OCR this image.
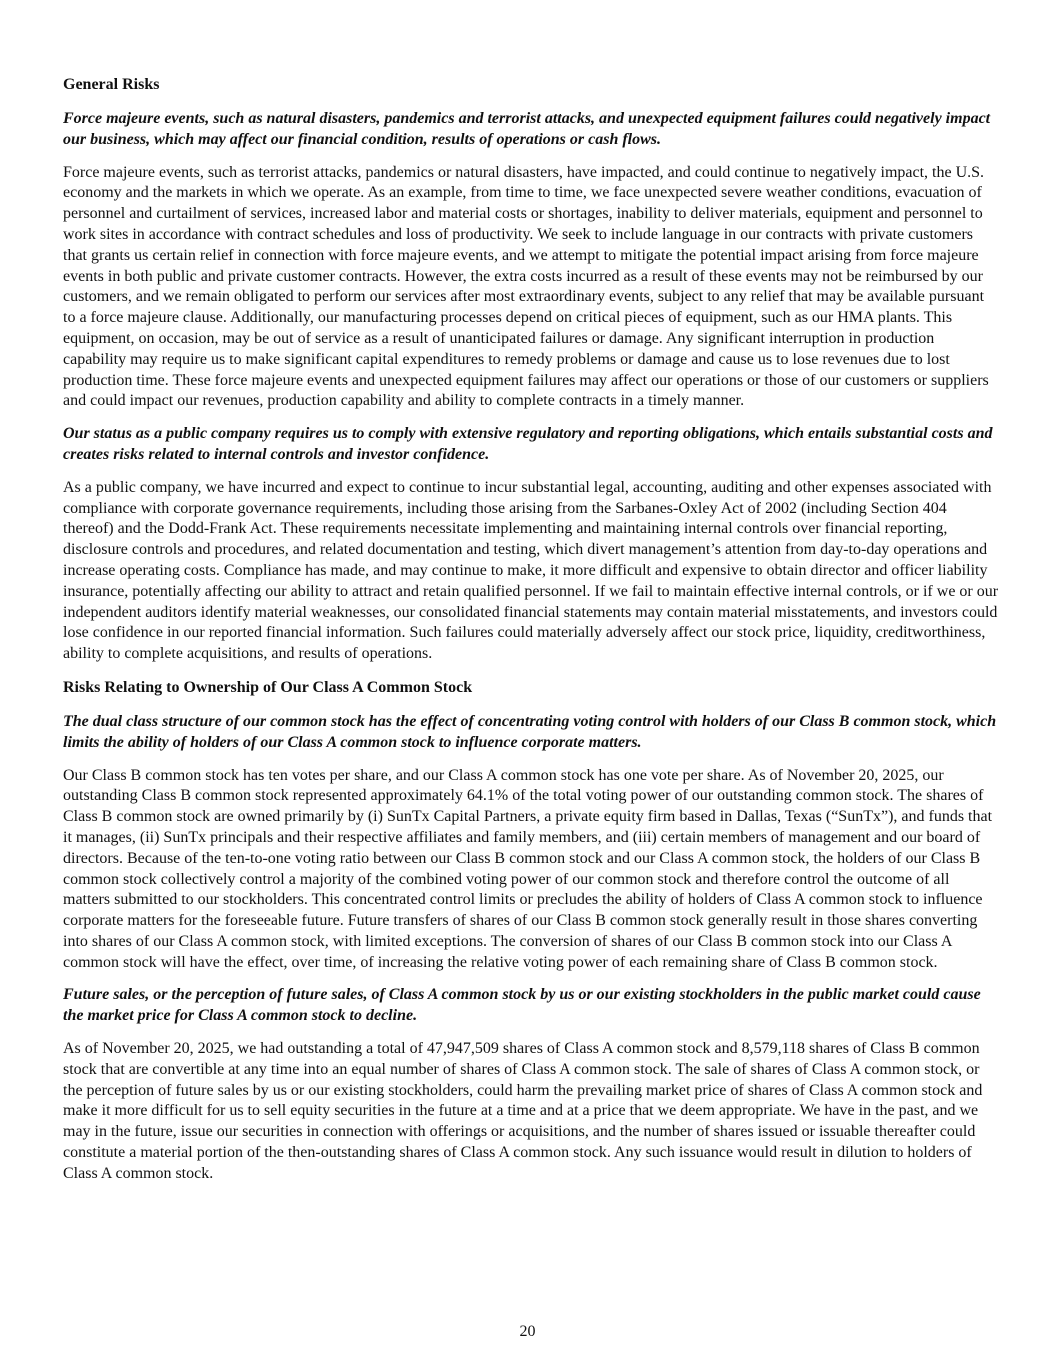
General Risks
Force majeure events, such as natural disasters, pandemics and terrorist attacks, and unexpected equipment failures could negatively impact our business, which may affect our financial condition, results of operations or cash flows.

Force majeure events, such as terrorist attacks, pandemics or natural disasters, have impacted, and could continue to negatively impact, the U.S. economy and the markets in which we operate. As an example, from time to time, we face unexpected severe weather conditions, evacuation of personnel and curtailment of services, increased labor and material costs or shortages, inability to deliver materials, equipment and personnel to work sites in accordance with contract schedules and loss of productivity. We seek to include language in our contracts with private customers that grants us certain relief in connection with force majeure events, and we attempt to mitigate the potential impact arising from force majeure events in both public and private customer contracts. However, the extra costs incurred as a result of these events may not be reimbursed by our customers, and we remain obligated to perform our services after most extraordinary events, subject to any relief that may be available pursuant to a force majeure clause. Additionally, our manufacturing processes depend on critical pieces of equipment, such as our HMA plants. This equipment, on occasion, may be out of service as a result of unanticipated failures or damage. Any significant interruption in production capability may require us to make significant capital expenditures to remedy problems or damage and cause us to lose revenues due to lost production time. These force majeure events and unexpected equipment failures may affect our operations or those of our customers or suppliers and could impact our revenues, production capability and ability to complete contracts in a timely manner.

Our status as a public company requires us to comply with extensive regulatory and reporting obligations, which entails substantial costs and creates risks related to internal controls and investor confidence.

As a public company, we have incurred and expect to continue to incur substantial legal, accounting, auditing and other expenses associated with compliance with corporate governance requirements, including those arising from the Sarbanes-Oxley Act of 2002 (including Section 404 thereof) and the Dodd-Frank Act. These requirements necessitate implementing and maintaining internal controls over financial reporting, disclosure controls and procedures, and related documentation and testing, which divert management’s attention from day-to-day operations and increase operating costs. Compliance has made, and may continue to make, it more difficult and expensive to obtain director and officer liability insurance, potentially affecting our ability to attract and retain qualified personnel. If we fail to maintain effective internal controls, or if we or our independent auditors identify material weaknesses, our consolidated financial statements may contain material misstatements, and investors could lose confidence in our reported financial information. Such failures could materially adversely affect our stock price, liquidity, creditworthiness, ability to complete acquisitions, and results of operations.

Risks Relating to Ownership of Our Class A Common Stock
The dual class structure of our common stock has the effect of concentrating voting control with holders of our Class B common stock, which limits the ability of holders of our Class A common stock to influence corporate matters.

Our Class B common stock has ten votes per share, and our Class A common stock has one vote per share. As of November 20, 2025, our outstanding Class B common stock represented approximately 64.1% of the total voting power of our outstanding common stock. The shares of Class B common stock are owned primarily by (i) SunTx Capital Partners, a private equity firm based in Dallas, Texas (“SunTx”), and funds that it manages, (ii) SunTx principals and their respective affiliates and family members, and (iii) certain members of management and our board of directors. Because of the ten-to-one voting ratio between our Class B common stock and our Class A common stock, the holders of our Class B common stock collectively control a majority of the combined voting power of our common stock and therefore control the outcome of all matters submitted to our stockholders. This concentrated control limits or precludes the ability of holders of Class A common stock to influence corporate matters for the foreseeable future. Future transfers of shares of our Class B common stock generally result in those shares converting into shares of our Class A common stock, with limited exceptions. The conversion of shares of our Class B common stock into our Class A common stock will have the effect, over time, of increasing the relative voting power of each remaining share of Class B common stock.

Future sales, or the perception of future sales, of Class A common stock by us or our existing stockholders in the public market could cause the market price for Class A common stock to decline.

As of November 20, 2025, we had outstanding a total of 47,947,509 shares of Class A common stock and 8,579,118 shares of Class B common stock that are convertible at any time into an equal number of shares of Class A common stock. The sale of shares of Class A common stock, or the perception of future sales by us or our existing stockholders, could harm the prevailing market price of shares of Class A common stock and make it more difficult for us to sell equity securities in the future at a time and at a price that we deem appropriate. We have in the past, and we may in the future, issue our securities in connection with offerings or acquisitions, and the number of shares issued or issuable thereafter could constitute a material portion of the then-outstanding shares of Class A common stock. Any such issuance would result in dilution to holders of Class A common stock.

20
